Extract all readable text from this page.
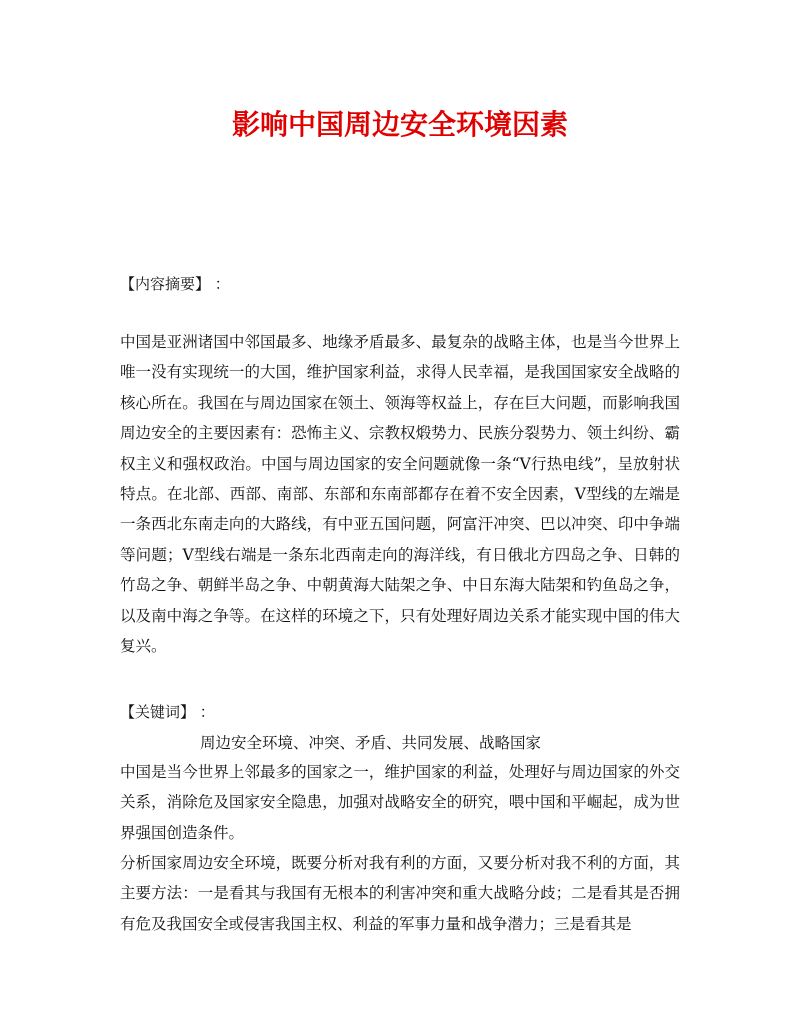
影响中国周边安全环境因素
【内容摘要】 ：

中国是亚洲诸国中邻国最多、地缘矛盾最多、最复杂的战略主体，也是当今世界上唯一没有实现统一的大国，维护国家利益，求得人民幸福，是我国国家安全战略的核心所在。我国在与周边国家在领土、领海等权益上，存在巨大问题，而影响我国周边安全的主要因素有：恐怖主义、宗教权煅势力、民族分裂势力、领土纠纷、霸权主义和强权政治。中国与周边国家的安全问题就像一条“V行热电线”，呈放射状特点。在北部、西部、南部、东部和东南部都存在着不安全因素，V型线的左端是一条西北东南走向的大路线，有中亚五国问题，阿富汗冲突、巴以冲突、印中争端等问题；V型线右端是一条东北西南走向的海洋线，有日俄北方四岛之争、日韩的竹岛之争、朝鲜半岛之争、中朝黄海大陆架之争、中日东海大陆架和钓鱼岛之争，以及南中海之争等。在这样的环境之下，只有处理好周边关系才能实现中国的伟大复兴。

【关键词】 ：
周边安全环境、冲突、矛盾、共同发展、战略国家

中国是当今世界上邻最多的国家之一，维护国家的利益，处理好与周边国家的外交关系，消除危及国家安全隐患，加强对战略安全的研究，喂中国和平崛起，成为世界强国创造条件。

分析国家周边安全环境，既要分析对我有利的方面，又要分析对我不利的方面，其主要方法：一是看其与我国有无根本的利害冲突和重大战略分歧；二是看其是否拥有危及我国安全或侵害我国主权、利益的军事力量和战争潜力；三是看其是
